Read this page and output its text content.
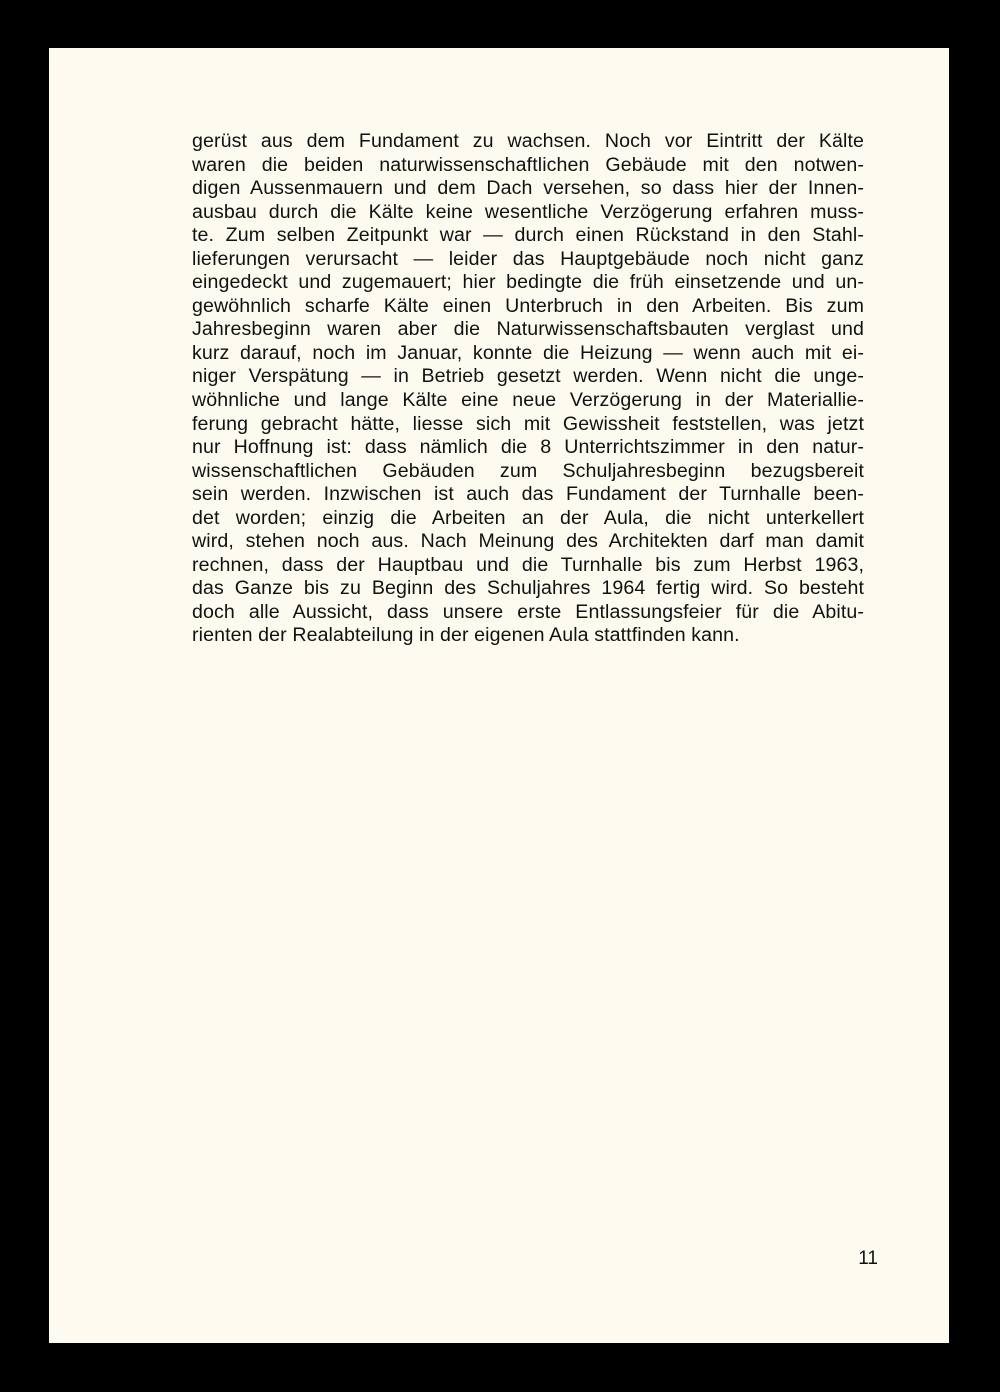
gerüst aus dem Fundament zu wachsen. Noch vor Eintritt der Kälte
waren die beiden naturwissenschaftlichen Gebäude mit den notwen-
digen Aussenmauern und dem Dach versehen, so dass hier der Innen-
ausbau durch die Kälte keine wesentliche Verzögerung erfahren muss-
te. Zum selben Zeitpunkt war — durch einen Rückstand in den Stahl-
lieferungen verursacht — leider das Hauptgebäude noch nicht ganz
eingedeckt und zugemauert; hier bedingte die früh einsetzende und un-
gewöhnlich scharfe Kälte einen Unterbruch in den Arbeiten. Bis zum
Jahresbeginn waren aber die Naturwissenschaftsbauten verglast und
kurz darauf, noch im Januar, konnte die Heizung — wenn auch mit ei-
niger Verspätung — in Betrieb gesetzt werden. Wenn nicht die unge-
wöhnliche und lange Kälte eine neue Verzögerung in der Materiallie-
ferung gebracht hätte, liesse sich mit Gewissheit feststellen, was jetzt
nur Hoffnung ist: dass nämlich die 8 Unterrichtszimmer in den natur-
wissenschaftlichen Gebäuden zum Schuljahresbeginn bezugsbereit
sein werden. Inzwischen ist auch das Fundament der Turnhalle been-
det worden; einzig die Arbeiten an der Aula, die nicht unterkellert
wird, stehen noch aus. Nach Meinung des Architekten darf man damit
rechnen, dass der Hauptbau und die Turnhalle bis zum Herbst 1963,
das Ganze bis zu Beginn des Schuljahres 1964 fertig wird. So besteht
doch alle Aussicht, dass unsere erste Entlassungsfeier für die Abitu-
rienten der Realabteilung in der eigenen Aula stattfinden kann.

11
